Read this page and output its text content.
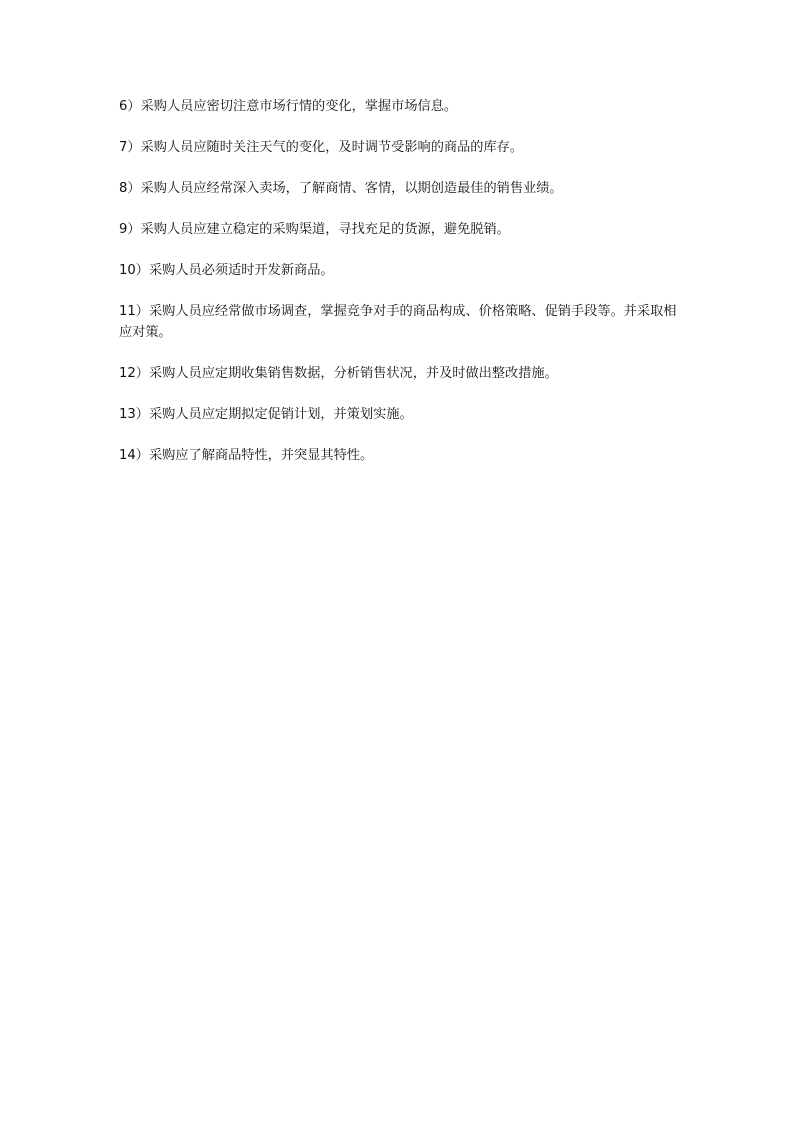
6）采购人员应密切注意市场行情的变化，掌握市场信息。

7）采购人员应随时关注天气的变化，及时调节受影响的商品的库存。

8）采购人员应经常深入卖场，了解商情、客情，以期创造最佳的销售业绩。

9）采购人员应建立稳定的采购渠道，寻找充足的货源，避免脱销。

10）采购人员必须适时开发新商品。

11）采购人员应经常做市场调查，掌握竞争对手的商品构成、价格策略、促销手段等。并采取相应对策。

12）采购人员应定期收集销售数据，分析销售状况，并及时做出整改措施。

13）采购人员应定期拟定促销计划，并策划实施。

14）采购应了解商品特性，并突显其特性。
